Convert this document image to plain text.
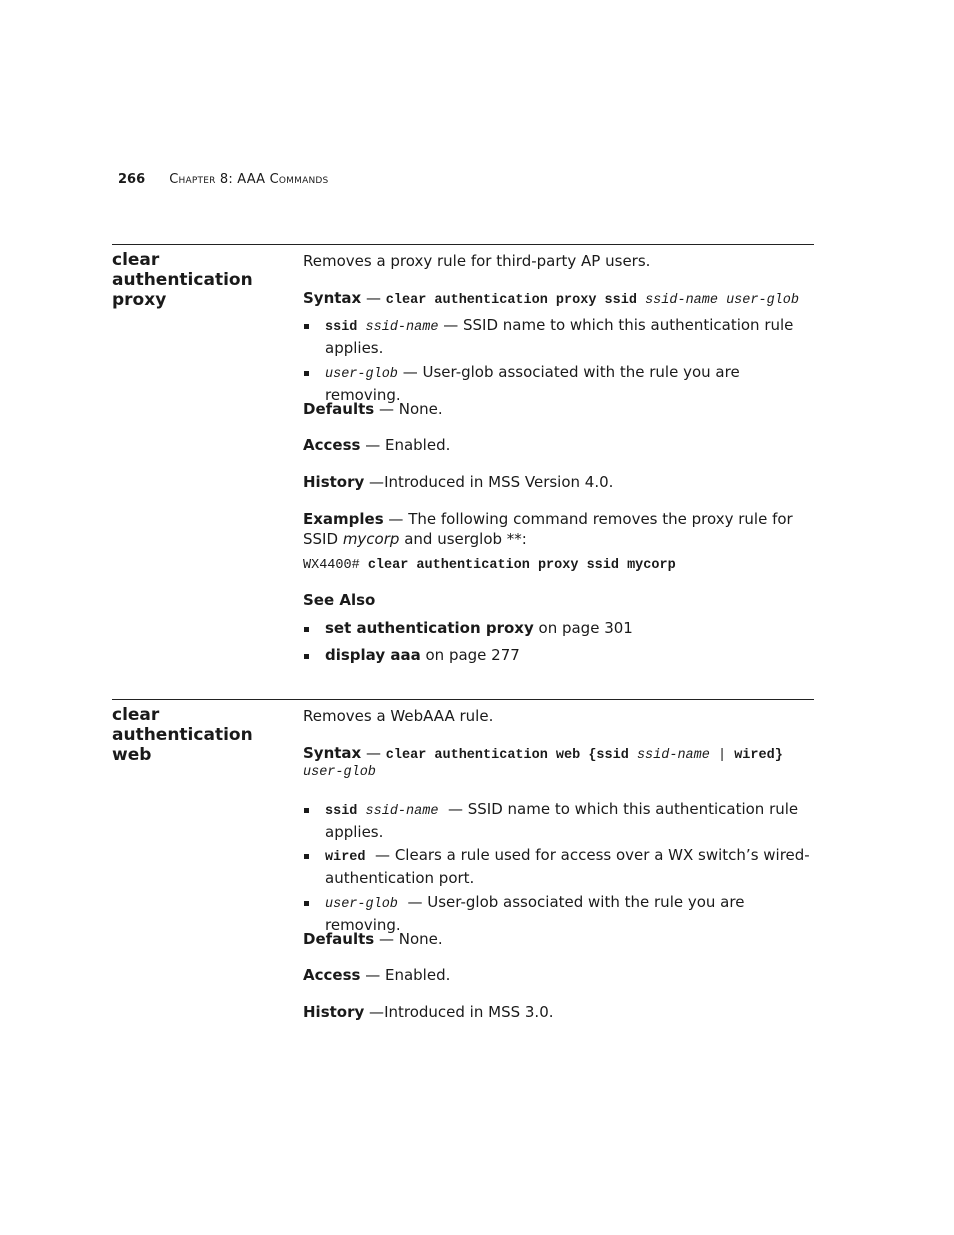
266 Chapter 8: AAA Commands
clear authentication proxy
Removes a proxy rule for third-party AP users.
Syntax — clear authentication proxy ssid ssid-name user-glob
ssid ssid-name — SSID name to which this authentication rule applies.
user-glob — User-glob associated with the rule you are removing.
Defaults — None.
Access — Enabled.
History —Introduced in MSS Version 4.0.
Examples — The following command removes the proxy rule for SSID mycorp and userglob **:
WX4400# clear authentication proxy ssid mycorp
See Also
set authentication proxy on page 301
display aaa on page 277
clear authentication web
Removes a WebAAA rule.
Syntax — clear authentication web {ssid ssid-name | wired}
user-glob
ssid ssid-name  — SSID name to which this authentication rule applies.
wired  — Clears a rule used for access over a WX switch’s wired-authentication port.
user-glob  — User-glob associated with the rule you are removing.
Defaults — None.
Access — Enabled.
History —Introduced in MSS 3.0.
